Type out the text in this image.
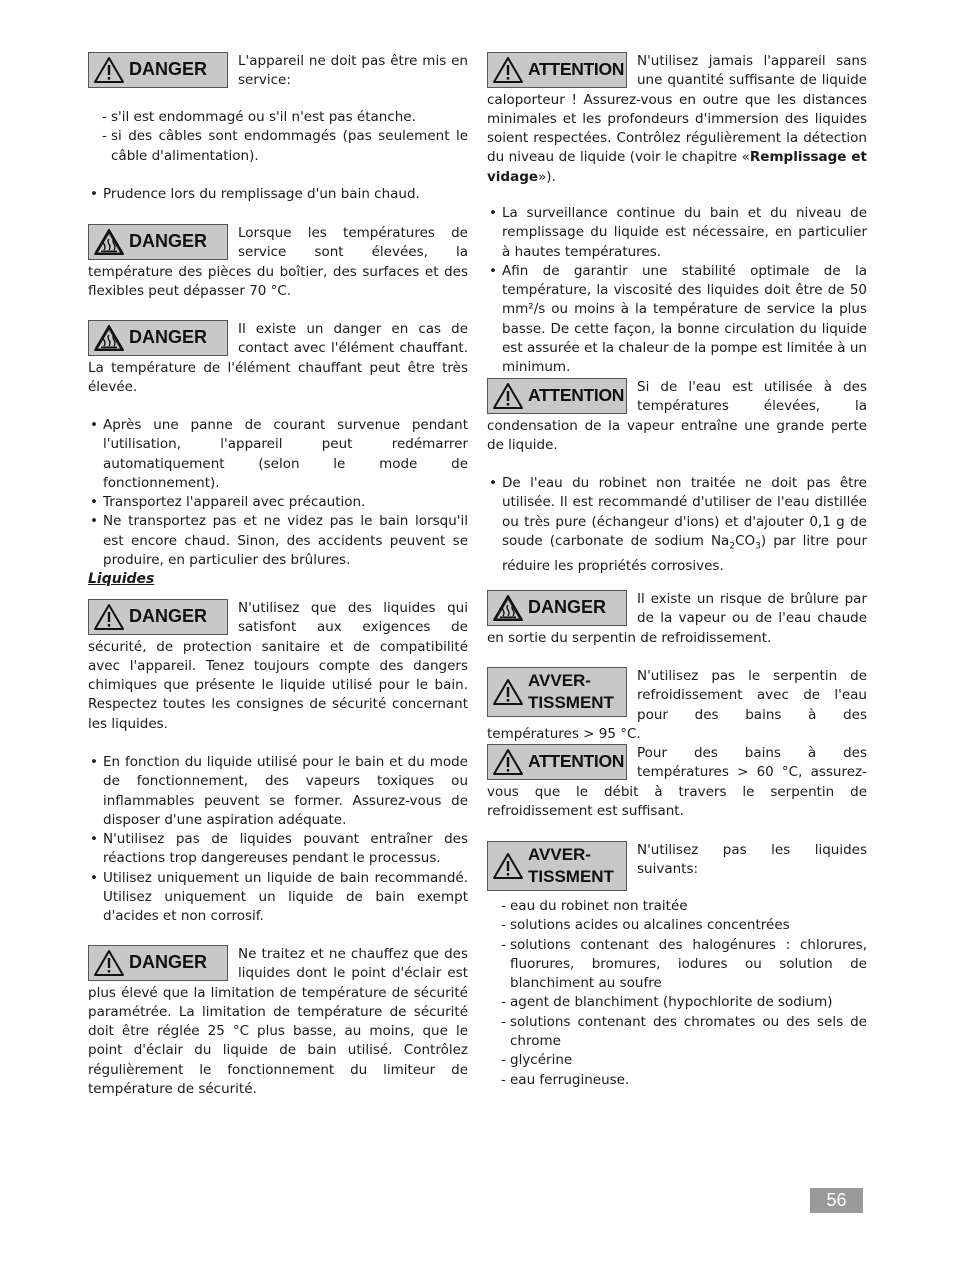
DANGER	L'appareil ne doit pas être mis en service:

- s'il est endommagé ou s'il n'est pas étanche.
- si des câbles sont endommagés (pas seulement le câble d'alimentation).
• Prudence lors du remplissage d'un bain chaud.
DANGER	Lorsque les températures de service sont élevées, la température des pièces du boîtier, des surfaces et des flexibles peut dépasser 70 °C.

DANGER	Il existe un danger en cas de contact avec l'élément chauffant. La température de l'élément chauffant peut être très élevée.

• Après une panne de courant survenue pendant l'utilisation, l'appareil peut redémarrer automatiquement (selon le mode de fonctionnement).
• Transportez l'appareil avec précaution.
• Ne transportez pas et ne videz pas le bain lorsqu'il est encore chaud. Sinon, des accidents peuvent se produire, en particulier des brûlures.
Liquides
DANGER	N'utilisez que des liquides qui satisfont aux exigences de sécurité, de protection sanitaire et de compatibilité avec l'appareil. Tenez toujours compte des dangers chimiques que présente le liquide utilisé pour le bain. Respectez toutes les consignes de sécurité concernant les liquides.

• En fonction du liquide utilisé pour le bain et du mode de fonctionnement, des vapeurs toxiques ou inflammables peuvent se former. Assurez-vous de disposer d'une aspiration adéquate.
• N'utilisez pas de liquides pouvant entraîner des réactions trop dangereuses pendant le processus.
• Utilisez uniquement un liquide de bain recommandé. Utilisez uniquement un liquide de bain exempt d'acides et non corrosif.
DANGER	Ne traitez et ne chauffez que des liquides dont le point d'éclair est plus élevé que la limitation de température de sécurité paramétrée. La limitation de température de sécurité doit être réglée 25 °C plus basse, au moins, que le point d'éclair du liquide de bain utilisé. Contrôlez régulièrement le fonctionnement du limiteur de température de sécurité.

ATTENTION N'utilisez jamais l'appareil sans une quantité suffisante de liquide caloporteur ! Assurez-vous en outre que les distances minimales et les profondeurs d'immersion des liquides soient respectées. Contrôlez régulièrement la détection du niveau de liquide (voir le chapitre «Remplissage et vidage»).

• La surveillance continue du bain et du niveau de remplissage du liquide est nécessaire, en particulier à hautes températures.
• Afin de garantir une stabilité optimale de la température, la viscosité des liquides doit être de 50 mm²/s ou moins à la température de service la plus basse. De cette façon, la bonne circulation du liquide est assurée et la chaleur de la pompe est limitée à un minimum.
ATTENTION Si de l'eau est utilisée à des températures élevées, la condensation de la vapeur entraîne une grande perte de liquide.

• De l'eau du robinet non traitée ne doit pas être utilisée. Il est recommandé d'utiliser de l'eau distillée ou très pure (échangeur d'ions) et d'ajouter 0,1 g de soude (carbonate de sodium $Na_2CO_3$) par litre pour réduire les propriétés corrosives.
DANGER	Il existe un risque de brûlure par de la vapeur ou de l'eau chaude en sortie du serpentin de refroidissement.

AVVER-
TISSMENT

N'utilisez pas le serpentin de refroidissement avec de l'eau pour des bains à des températures > 95 °C.

ATTENTION Pour des bains à des températures > 60 °C, assurez-vous que le débit à travers le serpentin de refroidissement est suffisant.

AVVER-
TISSMENT

N'utilisez pas les liquides suivants:

- eau du robinet non traitée
- solutions acides ou alcalines concentrées
- solutions contenant des halogénures : chlorures, fluorures, bromures, iodures ou solution de blanchiment au soufre
- agent de blanchiment (hypochlorite de sodium)
- solutions contenant des chromates ou des sels de chrome
- glycérine
- eau ferrugineuse.
56
